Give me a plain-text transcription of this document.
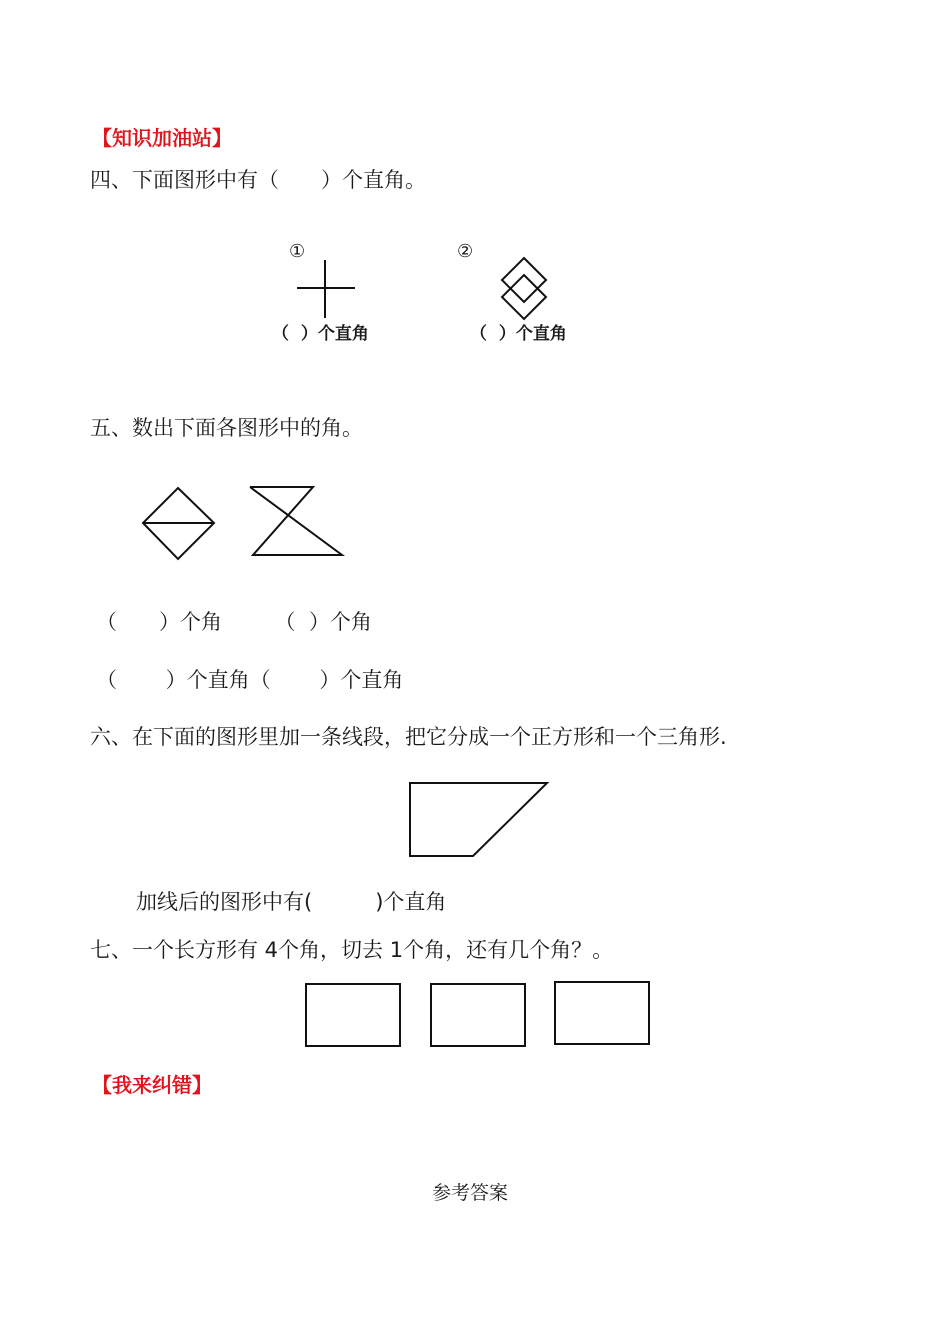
【知识加油站】
四、下面图形中有（　　）个直角。
①
（  ）个直角
②
（  ）个直角
五、数出下面各图形中的角。
（　　）个角　　　（  ）个角
（　　 ）个直角（　　 ）个直角
六、在下面的图形里加一条线段，把它分成一个正方形和一个三角形.
加线后的图形中有(　　　)个直角
七、一个长方形有 4个角，切去 1个角，还有几个角？。
【我来纠错】
参考答案
